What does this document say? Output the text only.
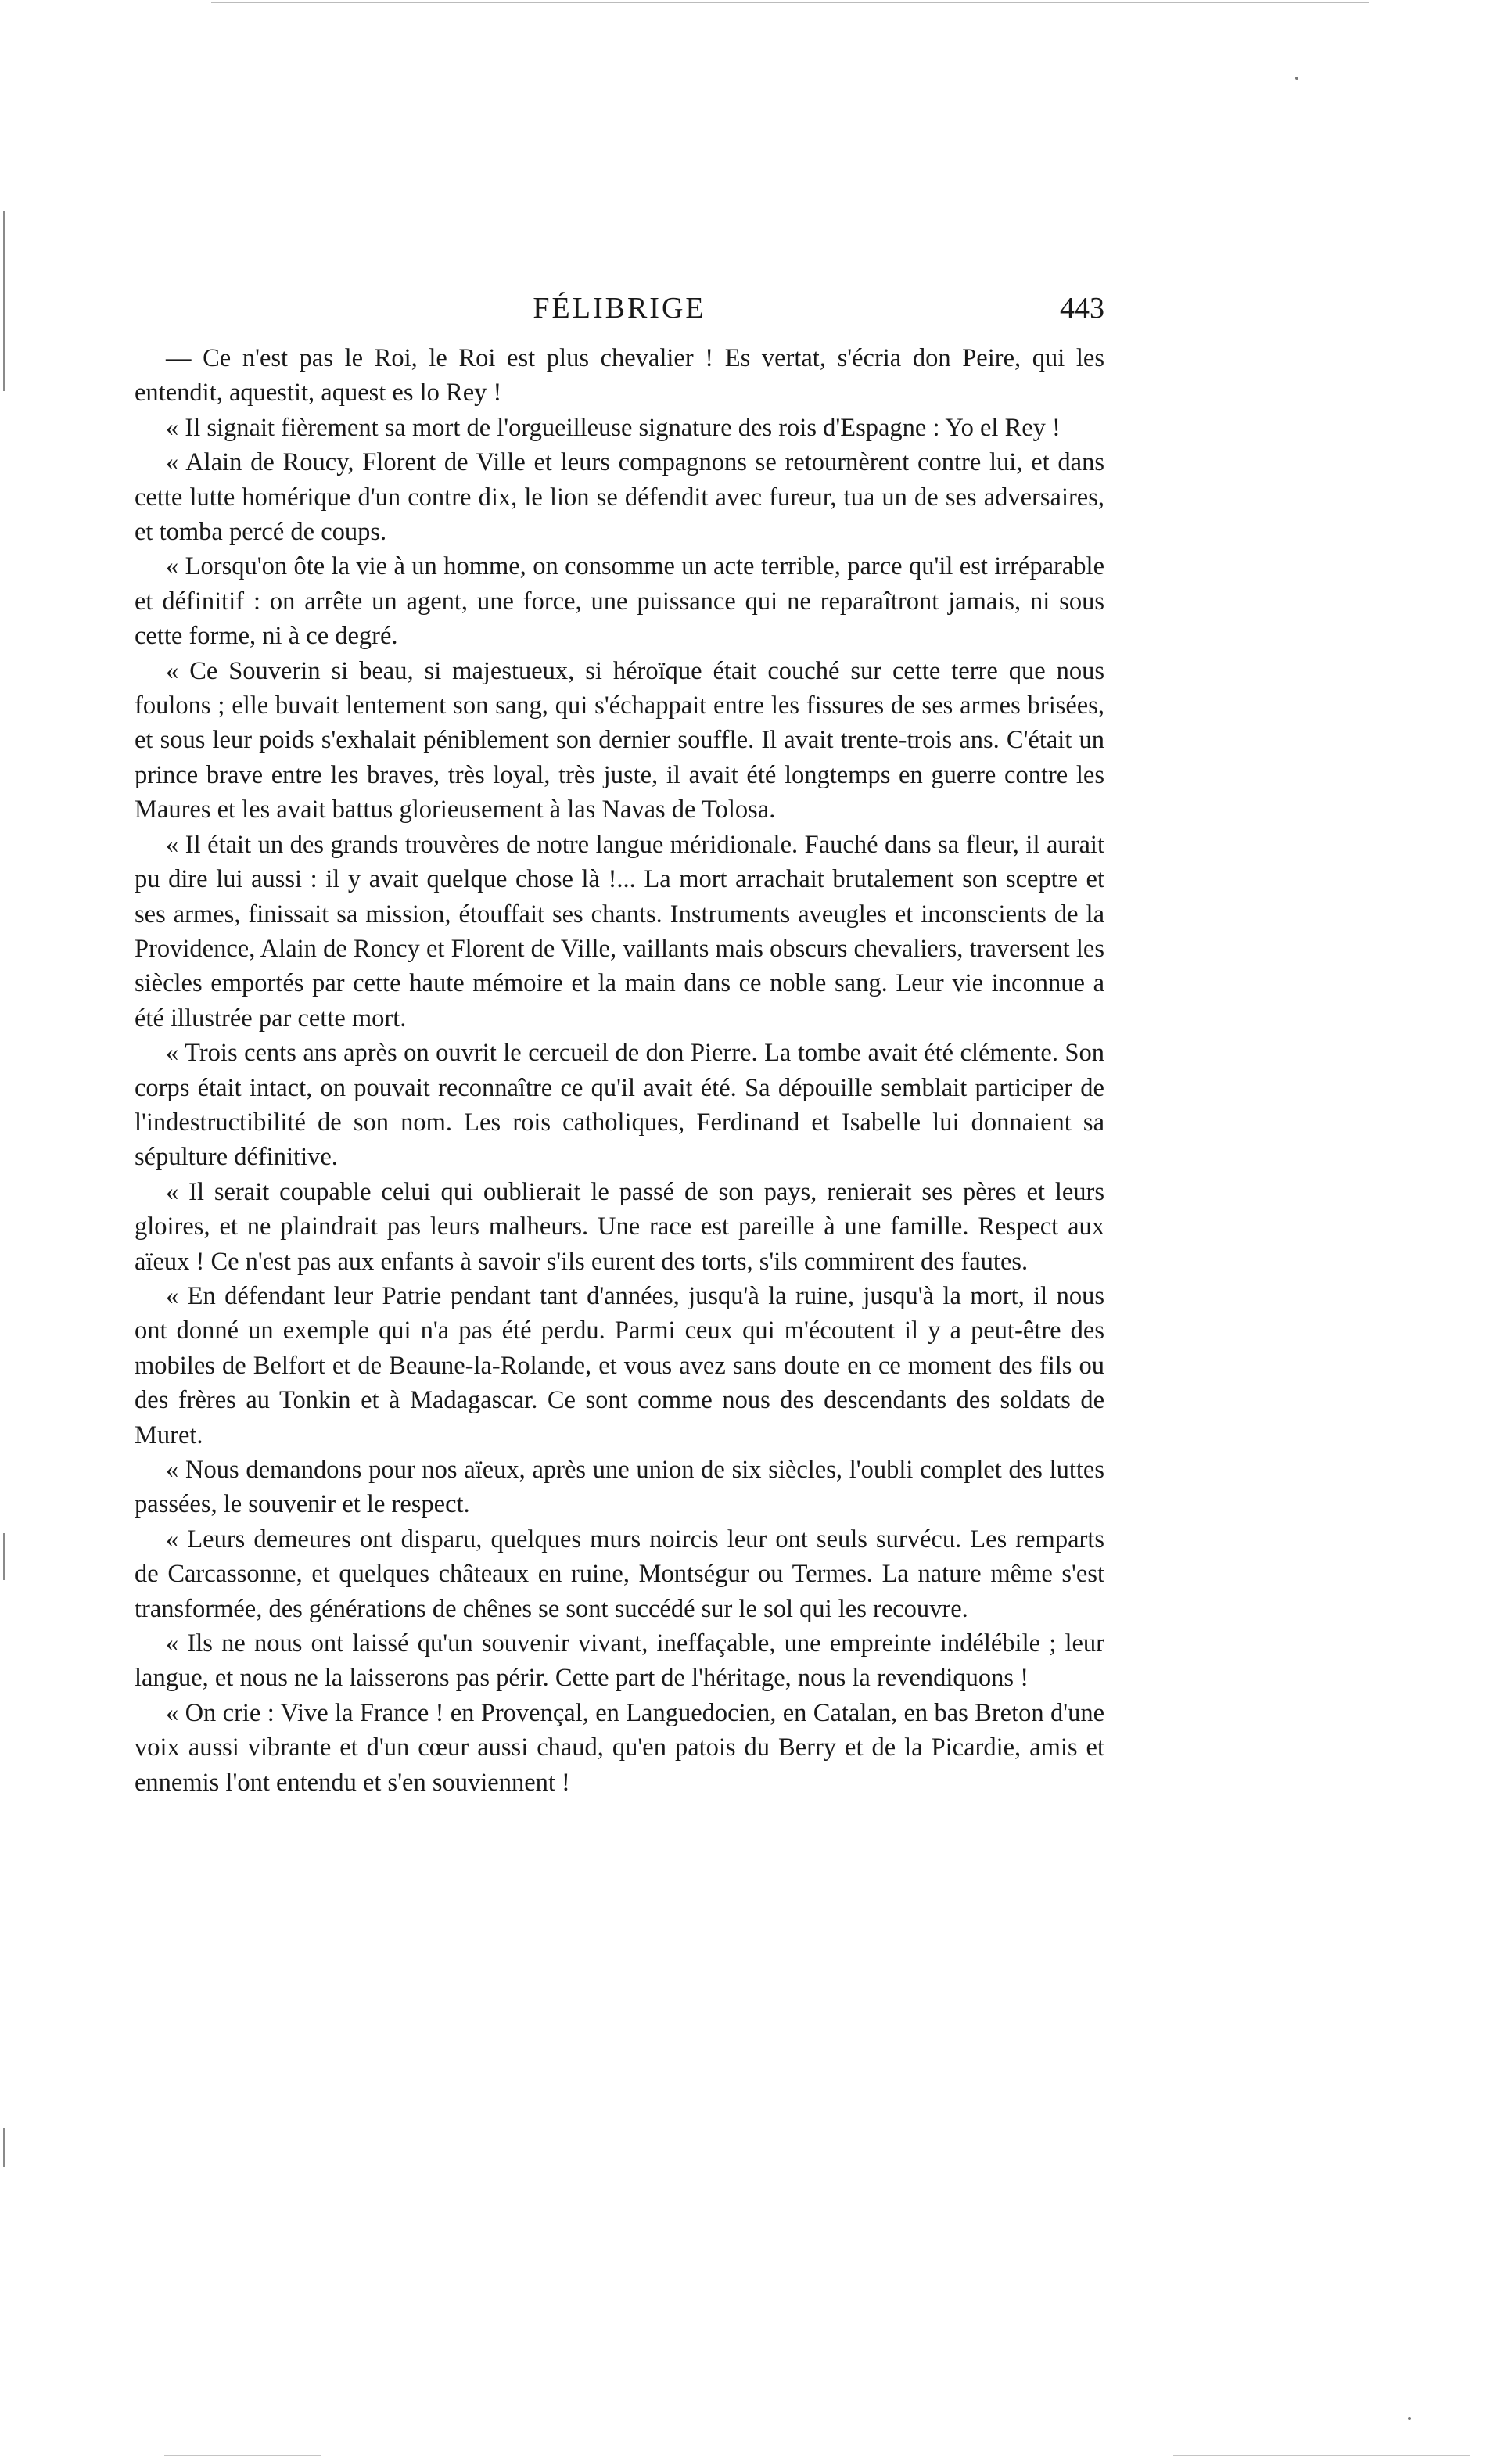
FÉLIBRIGE	443

— Ce n'est pas le Roi, le Roi est plus chevalier ! Es vertat, s'écria don Peire, qui les entendit, aquestit, aquest es lo Rey !

« Il signait fièrement sa mort de l'orgueilleuse signature des rois d'Espagne : Yo el Rey !

« Alain de Roucy, Florent de Ville et leurs compagnons se retournèrent contre lui, et dans cette lutte homérique d'un contre dix, le lion se défendit avec fureur, tua un de ses adversaires, et tomba percé de coups.

« Lorsqu'on ôte la vie à un homme, on consomme un acte terrible, parce qu'il est irréparable et définitif : on arrête un agent, une force, une puissance qui ne reparaîtront jamais, ni sous cette forme, ni à ce degré.

« Ce Souverin si beau, si majestueux, si héroïque était couché sur cette terre que nous foulons ; elle buvait lentement son sang, qui s'échappait entre les fissures de ses armes brisées, et sous leur poids s'exhalait péniblement son dernier souffle. Il avait trente-trois ans. C'était un prince brave entre les braves, très loyal, très juste, il avait été longtemps en guerre contre les Maures et les avait battus glorieusement à las Navas de Tolosa.

« Il était un des grands trouvères de notre langue méridionale. Fauché dans sa fleur, il aurait pu dire lui aussi : il y avait quelque chose là !... La mort arrachait brutalement son sceptre et ses armes, finissait sa mission, étouffait ses chants. Instruments aveugles et inconscients de la Providence, Alain de Roncy et Florent de Ville, vaillants mais obscurs chevaliers, traversent les siècles emportés par cette haute mémoire et la main dans ce noble sang. Leur vie inconnue a été illustrée par cette mort.

« Trois cents ans après on ouvrit le cercueil de don Pierre. La tombe avait été clémente. Son corps était intact, on pouvait reconnaître ce qu'il avait été. Sa dépouille semblait participer de l'indestructibilité de son nom. Les rois catholiques, Ferdinand et Isabelle lui donnaient sa sépulture définitive.

« Il serait coupable celui qui oublierait le passé de son pays, renierait ses pères et leurs gloires, et ne plaindrait pas leurs malheurs. Une race est pareille à une famille. Respect aux aïeux ! Ce n'est pas aux enfants à savoir s'ils eurent des torts, s'ils commirent des fautes.

« En défendant leur Patrie pendant tant d'années, jusqu'à la ruine, jusqu'à la mort, il nous ont donné un exemple qui n'a pas été perdu. Parmi ceux qui m'écoutent il y a peut-être des mobiles de Belfort et de Beaune-la-Rolande, et vous avez sans doute en ce moment des fils ou des frères au Tonkin et à Madagascar. Ce sont comme nous des descendants des soldats de Muret.

« Nous demandons pour nos aïeux, après une union de six siècles, l'oubli complet des luttes passées, le souvenir et le respect.

« Leurs demeures ont disparu, quelques murs noircis leur ont seuls survécu. Les remparts de Carcassonne, et quelques châteaux en ruine, Montségur ou Termes. La nature même s'est transformée, des générations de chênes se sont succédé sur le sol qui les recouvre.

« Ils ne nous ont laissé qu'un souvenir vivant, ineffaçable, une empreinte indélébile ; leur langue, et nous ne la laisserons pas périr. Cette part de l'héritage, nous la revendiquons !

« On crie : Vive la France ! en Provençal, en Languedocien, en Catalan, en bas Breton d'une voix aussi vibrante et d'un cœur aussi chaud, qu'en patois du Berry et de la Picardie, amis et ennemis l'ont entendu et s'en souviennent !
